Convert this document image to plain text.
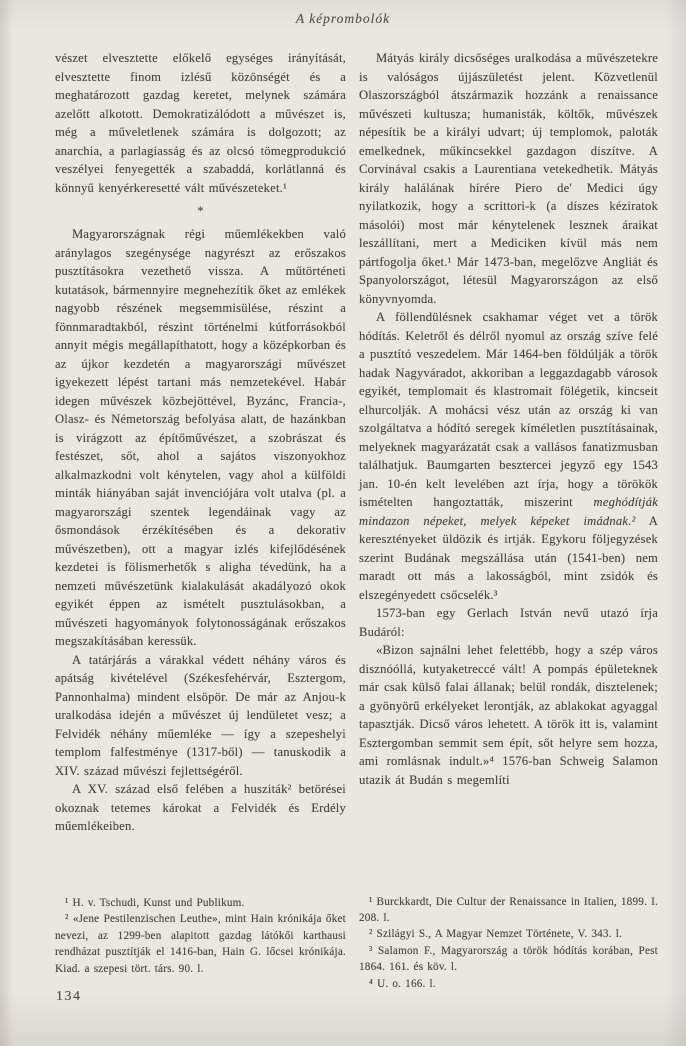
A képrombolók

vészet elvesztette előkelő egységes irányítását, elvesztette finom izlésű közönségét és a meghatározott gazdag keretet, melynek számára azelőtt alkotott. Demokratizálódott a művészet is, még a műveletlenek számára is dolgozott; az anarchia, a parlagiasság és az olcsó tömegprodukció veszélyei fenyegették a szabaddá, korlátlanná és könnyű kenyérkeresetté vált művészeteket.¹

*

Magyarországnak régi műemlékekben való aránylagos szegénysége nagyrészt az erőszakos pusztításokra vezethető vissza. A műtörténeti kutatások, bármennyire megnehezítik őket az emlékek nagyobb részének megsemmisülése, részint a fönnmaradtakból, részint történelmi kútforrásokból annyit mégis megállapíthatott, hogy a középkorban és az újkor kezdetén a magyarországi művészet igyekezett lépést tartani más nemzetekével. Habár idegen művészek közbejöttével, Byzánc, Francia-, Olasz- és Németország befolyása alatt, de hazánkban is virágzott az építőművészet, a szobrászat és festészet, sőt, ahol a sajátos viszonyokhoz alkalmazkodni volt kénytelen, vagy ahol a külföldi minták hiányában saját invenciójára volt utalva (pl. a magyarországi szentek legendáinak vagy az ősmondások érzékítésében és a dekorativ művészetben), ott a magyar izlés kifejlődésének kezdetei is fölismerhetők s aligha tévedünk, ha a nemzeti művészetünk kialakulását akadályozó okok egyikét éppen az ismételt pusztulásokban, a művészeti hagyományok folytonosságának erőszakos megszakításában keressük.

A tatárjárás a várakkal védett néhány város és apátság kivételével (Székesfehérvár, Esztergom, Pannonhalma) mindent elsöpör. De már az Anjou-k uralkodása idején a művészet új lendületet vesz; a Felvidék néhány műemléke — így a szepeshelyi templom falfestménye (1317-ből) — tanuskodik a XIV. század művészi fejlettségéről.

A XV. század első felében a husziták² betörései okoznak tetemes károkat a Felvidék és Erdély műemlékeiben.

¹ H. v. Tschudi, Kunst und Publikum.

² «Jene Pestilenzischen Leuthe», mint Hain krónikája őket nevezi, az 1299-ben alapitott gazdag látókői karthausi rendházat pusztítják el 1416-ban, Hain G. lőcsei krónikája. Kiad. a szepesi tört. társ. 90. l.

Mátyás király dicsőséges uralkodása a művészetekre is valóságos újjászületést jelent. Közvetlenül Olaszországból átszármazik hozzánk a renaissance művészeti kultusza; humanisták, költők, művészek népesítik be a királyi udvart; új templomok, paloták emelkednek, műkincsekkel gazdagon diszítve. A Corvinával csakis a Laurentiana vetekedhetik. Mátyás király halálának hírére Piero de' Medici úgy nyilatkozik, hogy a scrittori-k (a díszes kéziratok másolói) most már kénytelenek lesznek áraikat leszállítani, mert a Mediciken kívül más nem pártfogolja őket.¹ Már 1473-ban, megelőzve Angliát és Spanyolországot, létesül Magyarországon az első könyvnyomda.

A föllendülésnek csakhamar véget vet a török hódítás. Keletről és délről nyomul az ország szíve felé a pusztító veszedelem. Már 1464-ben földúlják a török hadak Nagyváradot, akkoriban a leggazdagabb városok egyikét, templomait és klastromait fölégetik, kincseit elhurcolják. A mohácsi vész után az ország ki van szolgáltatva a hódító seregek kíméletlen pusztításainak, melyeknek magyarázatát csak a vallásos fanatizmusban találhatjuk. Baumgarten besztercei jegyző egy 1543 jan. 10-én kelt levelében azt írja, hogy a törökök ismételten hangoztatták, miszerint meghódítják mindazon népeket, melyek képeket imádnak.² A keresztényeket üldözik és irtják. Egykoru följegyzések szerint Budának megszállása után (1541-ben) nem maradt ott más a lakosságból, mint zsidók és elszegényedett csőcselék.³

1573-ban egy Gerlach István nevű utazó írja Budáról:

«Bizon sajnálni lehet felettébb, hogy a szép város disznóóllá, kutyaketreccé vált! A pompás épületeknek már csak külső falai állanak; belül rondák, disztelenek; a gyönyörű erkélyeket lerontják, az ablakokat agyaggal tapasztják. Dicső város lehetett. A török itt is, valamint Esztergomban semmit sem épít, sőt helyre sem hozza, ami romlásnak indult.»⁴ 1576-ban Schweig Salamon utazik át Budán s megemlíti

¹ Burckkardt, Die Cultur der Renaissance in Italien, 1899. I. 208. l.

² Szilágyi S., A Magyar Nemzet Története, V. 343. l.

³ Salamon F., Magyarország a török hódítás korában, Pest 1864. 161. és köv. l.

⁴ U. o. 166. l.

134
